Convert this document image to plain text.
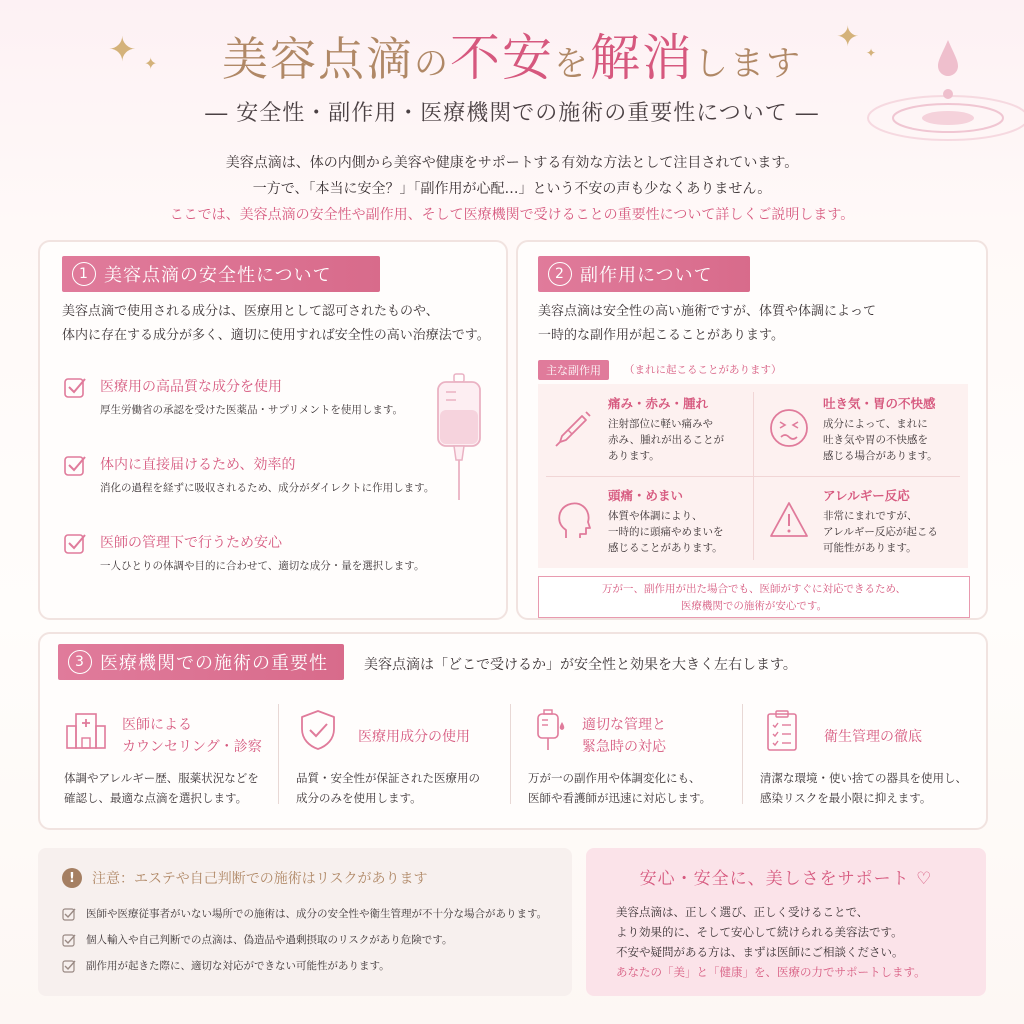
✦ ✦
✦ ✦
美容点滴の不安を解消します
― 安全性・副作用・医療機関での施術の重要性について ―
美容点滴は、体の内側から美容や健康をサポートする有効な方法として注目されています。
一方で、「本当に安全？」「副作用が心配…」という不安の声も少なくありません。
ここでは、美容点滴の安全性や副作用、そして医療機関で受けることの重要性について詳しくご説明します。
1 美容点滴の安全性について
美容点滴で使用される成分は、医療用として認可されたものや、
体内に存在する成分が多く、適切に使用すれば安全性の高い治療法です。
医療用の高品質な成分を使用
厚生労働省の承認を受けた医薬品・サプリメントを使用します。
体内に直接届けるため、効率的
消化の過程を経ずに吸収されるため、成分がダイレクトに作用します。
医師の管理下で行うため安心
一人ひとりの体調や目的に合わせて、適切な成分・量を選択します。
2 副作用について
美容点滴は安全性の高い施術ですが、体質や体調によって
一時的な副作用が起こることがあります。
主な副作用	（まれに起こることがあります）
痛み・赤み・腫れ
注射部位に軽い痛みや
赤み、腫れが出ることが
あります。
吐き気・胃の不快感
成分によって、まれに
吐き気や胃の不快感を
感じる場合があります。
頭痛・めまい
体質や体調により、
一時的に頭痛やめまいを
感じることがあります。
アレルギー反応
非常にまれですが、
アレルギー反応が起こる
可能性があります。
万が一、副作用が出た場合でも、医師がすぐに対応できるため、
医療機関での施術が安心です。
3 医療機関での施術の重要性	美容点滴は「どこで受けるか」が安全性と効果を大きく左右します。
医師による
カウンセリング・診察
体調やアレルギー歴、服薬状況などを
確認し、最適な点滴を選択します。
医療用成分の使用
品質・安全性が保証された医療用の
成分のみを使用します。
適切な管理と
緊急時の対応
万が一の副作用や体調変化にも、
医師や看護師が迅速に対応します。
衛生管理の徹底
清潔な環境・使い捨ての器具を使用し、
感染リスクを最小限に抑えます。
!	注意：エステや自己判断での施術はリスクがあります
医師や医療従事者がいない場所での施術は、成分の安全性や衛生管理が不十分な場合があります。
個人輸入や自己判断での点滴は、偽造品や過剰摂取のリスクがあり危険です。
副作用が起きた際に、適切な対応ができない可能性があります。
安心・安全に、美しさをサポート ♡
美容点滴は、正しく選び、正しく受けることで、
より効果的に、そして安心して続けられる美容法です。
不安や疑問がある方は、まずは医師にご相談ください。
あなたの「美」と「健康」を、医療の力でサポートします。
